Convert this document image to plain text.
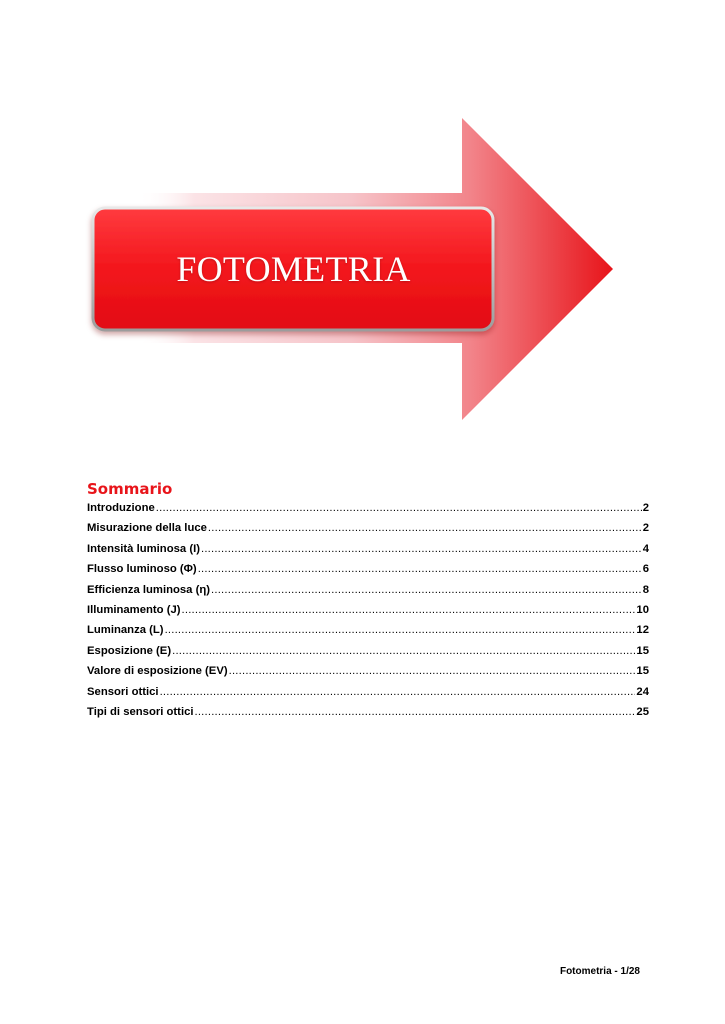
FOTOMETRIA
Sommario
Introduzione .....	2
Misurazione della luce .....	2
Intensità luminosa (I) .....	4
Flusso luminoso (Φ) .....	6
Efficienza luminosa (η) .....	8
Illuminamento (J) .....	10
Luminanza (L) .....	12
Esposizione (E) .....	15
Valore di esposizione (EV) .....	15
Sensori ottici .....	24
Tipi di sensori ottici .....	25
Fotometria - 1/28
